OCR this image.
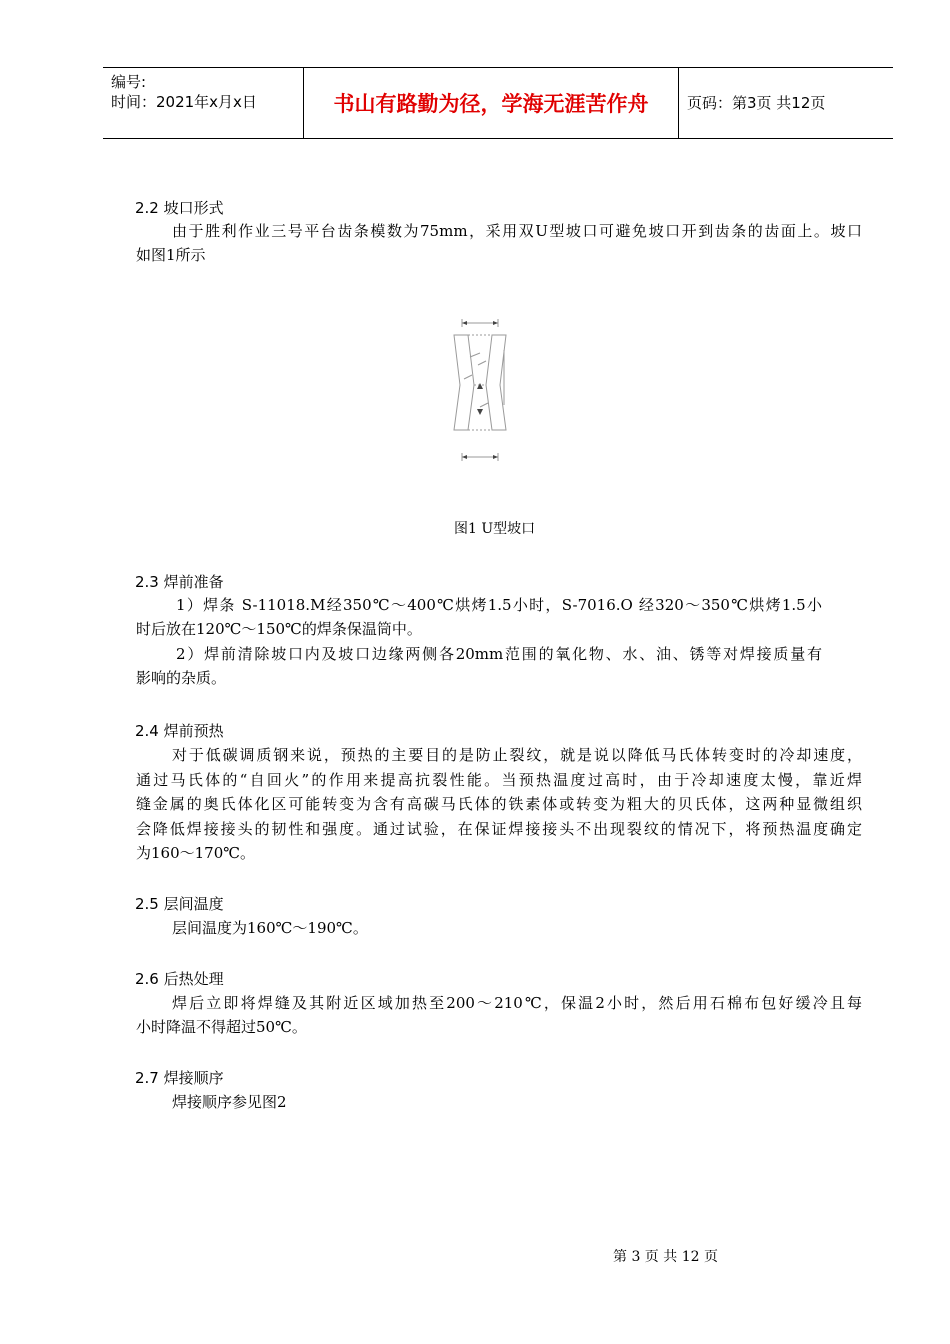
编号:
时间：2021年x月x日	书山有路勤为径，学海无涯苦作舟	页码：第3页 共12页
2.2 坡口形式

由于胜利作业三号平台齿条模数为75mm，采用双U型坡口可避免坡口开到齿条的齿面上。坡口

如图1所示

图1 U型坡口
2.3 焊前准备

1）焊条 S-11018.M经350℃～400℃烘烤1.5小时，S-7016.O 经320～350℃烘烤1.5小

时后放在120℃～150℃的焊条保温筒中。

2）焊前清除坡口内及坡口边缘两侧各20mm范围的氧化物、水、油、锈等对焊接质量有

影响的杂质。

2.4 焊前预热

对于低碳调质钢来说，预热的主要目的是防止裂纹，就是说以降低马氏体转变时的冷却速度，

通过马氏体的“自回火”的作用来提高抗裂性能。当预热温度过高时，由于冷却速度太慢，靠近焊

缝金属的奥氏体化区可能转变为含有高碳马氏体的铁素体或转变为粗大的贝氏体，这两种显微组织

会降低焊接接头的韧性和强度。通过试验，在保证焊接接头不出现裂纹的情况下，将预热温度确定

为160～170℃。

2.5 层间温度

层间温度为160℃～190℃。

2.6 后热处理

焊后立即将焊缝及其附近区域加热至200～210℃，保温2小时，然后用石棉布包好缓冷且每

小时降温不得超过50℃。

2.7 焊接顺序

焊接顺序参见图2

第 3 页 共 12 页
